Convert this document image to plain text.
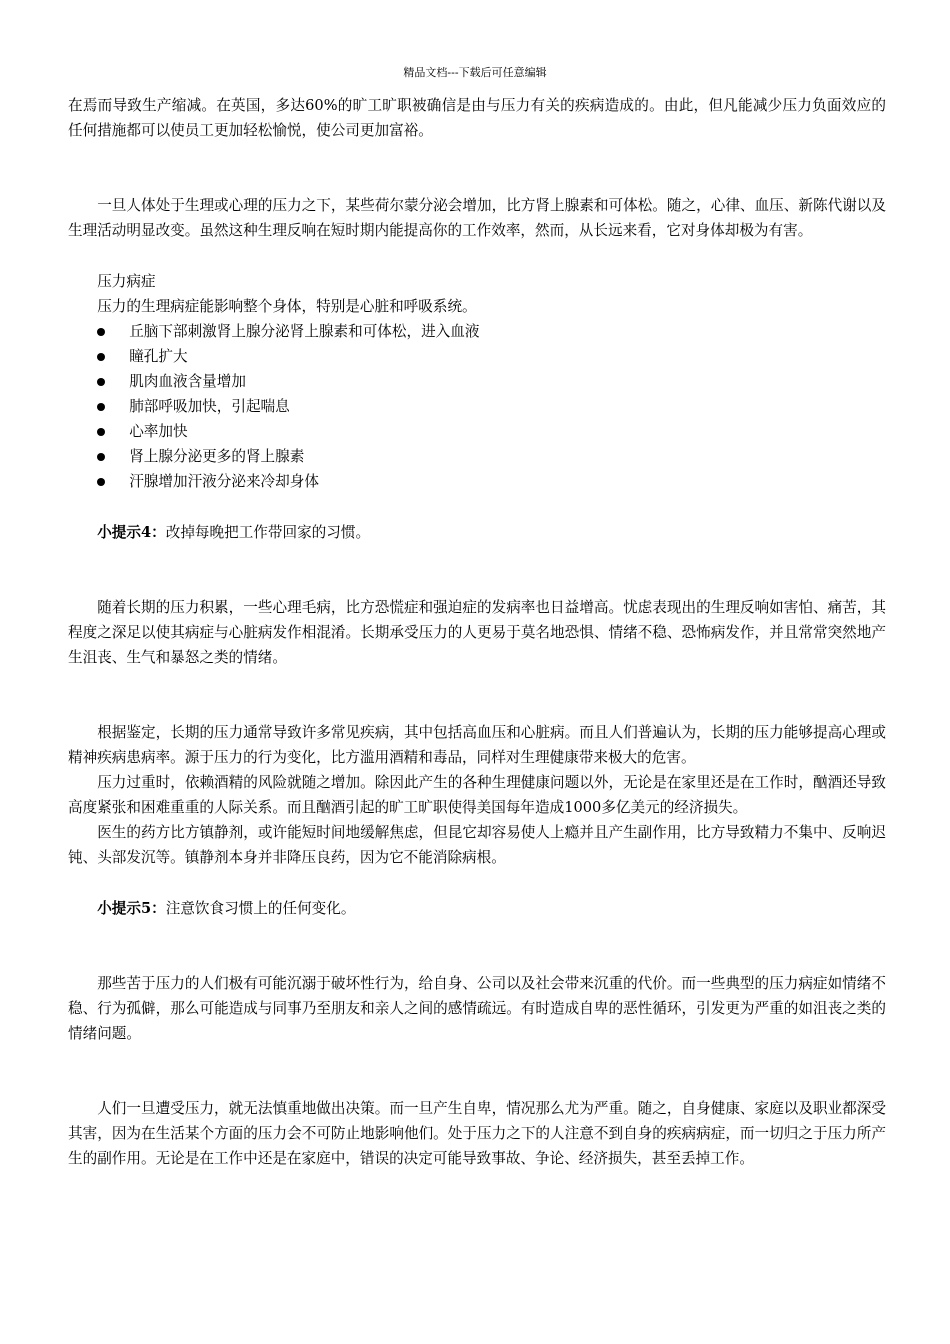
精品文档---下载后可任意编辑

在焉而导致生产缩减。在英国，多达60%的旷工旷职被确信是由与压力有关的疾病造成的。由此，但凡能减少压力负面效应的任何措施都可以使员工更加轻松愉悦，使公司更加富裕。

一旦人体处于生理或心理的压力之下，某些荷尔蒙分泌会增加，比方肾上腺素和可体松。随之，心律、血压、新陈代谢以及生理活动明显改变。虽然这种生理反响在短时期内能提高你的工作效率，然而，从长远来看，它对身体却极为有害。

压力病症

压力的生理病症能影响整个身体，特别是心脏和呼吸系统。

丘脑下部刺激肾上腺分泌肾上腺素和可体松，进入血液
瞳孔扩大
肌肉血液含量增加
肺部呼吸加快，引起喘息
心率加快
肾上腺分泌更多的肾上腺素
汗腺增加汗液分泌来冷却身体

小提示4：改掉每晚把工作带回家的习惯。

随着长期的压力积累，一些心理毛病，比方恐慌症和强迫症的发病率也日益增高。忧虑表现出的生理反响如害怕、痛苦，其程度之深足以使其病症与心脏病发作相混淆。长期承受压力的人更易于莫名地恐惧、情绪不稳、恐怖病发作，并且常常突然地产生沮丧、生气和暴怒之类的情绪。

根据鉴定，长期的压力通常导致许多常见疾病，其中包括高血压和心脏病。而且人们普遍认为，长期的压力能够提高心理或精神疾病患病率。源于压力的行为变化，比方滥用酒精和毒品，同样对生理健康带来极大的危害。

压力过重时，依赖酒精的风险就随之增加。除因此产生的各种生理健康问题以外，无论是在家里还是在工作时，酗酒还导致高度紧张和困难重重的人际关系。而且酗酒引起的旷工旷职使得美国每年造成1000多亿美元的经济损失。

医生的药方比方镇静剂，或许能短时间地缓解焦虑，但昆它却容易使人上瘾并且产生副作用，比方导致精力不集中、反响迟钝、头部发沉等。镇静剂本身并非降压良药，因为它不能消除病根。

小提示5：注意饮食习惯上的任何变化。

那些苦于压力的人们极有可能沉溺于破坏性行为，给自身、公司以及社会带来沉重的代价。而一些典型的压力病症如情绪不稳、行为孤僻，那么可能造成与同事乃至朋友和亲人之间的感情疏远。有时造成自卑的恶性循环，引发更为严重的如沮丧之类的情绪问题。

人们一旦遭受压力，就无法慎重地做出决策。而一旦产生自卑，情况那么尤为严重。随之，自身健康、家庭以及职业都深受其害，因为在生活某个方面的压力会不可防止地影响他们。处于压力之下的人注意不到自身的疾病病症，而一切归之于压力所产生的副作用。无论是在工作中还是在家庭中，错误的决定可能导致事故、争论、经济损失，甚至丢掉工作。
